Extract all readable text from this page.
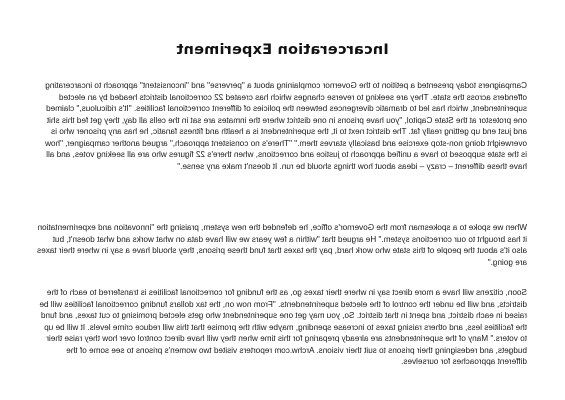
Incarceration Experiment

Campaigners today presented a petition to the Governor complaining about a "perverse" and "inconsistent" approach to incarcerating offenders across the state. They are seeking to reverse changes which has created 22 correctional districts headed by an elected superintendent, which has led to dramatic divergences between the policies of different correctional facilities. "It's ridiculous," claimed one protestor at the State Capitol, "you have prisons in one district where the inmates are sat in the cells all day, they get fed this shit and just end up getting really fat. The district next to it, the superintendent is a health and fitness fanatic, he has any prisoner who is overweight doing non-stop exercise and basically starves them." "There's no consistent approach," argued another campaigner, "how is the state supposed to have a unified approach to justice and corrections, when there's 22 figures who are all seeking votes, and all have these different – crazy – ideas about how things should be run. It doesn't make any sense."

When we spoke to a spokesman from the Governor's office, he defended the new system, praising the "innovation and experimentation it has brought to our corrections system." He argued that "within a few years we will have data on what works and what doesn't, but also it's about the people of this state who work hard, pay the taxes that fund these prisons, they should have a say in where their taxes are going."

Soon, citizens will have a more direct say in where their taxes go, as the funding for correctional facilities is transferred to each of the districts, and will be under the control of the elected superintendents. "From now on, the tax dollars funding correctional facilities will be raised in each district, and spent in that district. So, you may get one superintendent who gets elected promising to cut taxes, and fund the facilities less, and others raising taxes to increase spending, maybe with the promise that this will reduce crime levels. It will be up to voters." Many of the superintendents are already preparing for this time when they will have direct control over how they raise their budgets, and redesigning their prisons to suit their visions. Archw.com reporters visited two women's prisons to see some of the different approaches for ourselves.
